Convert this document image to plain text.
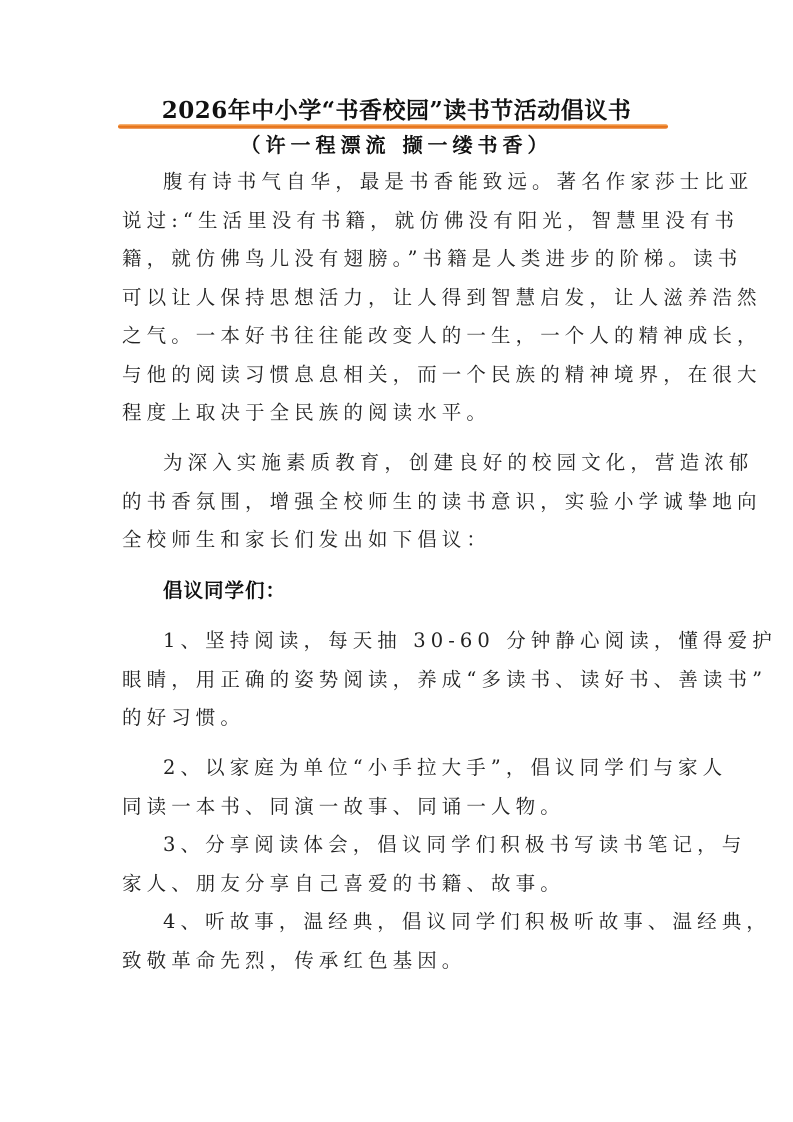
2026年中小学“书香校园”读书节活动倡议书
（许一程漂流 撷一缕书香）
腹有诗书气自华，最是书香能致远。著名作家莎士比亚
说过:“生活里没有书籍，就仿佛没有阳光，智慧里没有书
籍，就仿佛鸟儿没有翅膀。”书籍是人类进步的阶梯。读书
可以让人保持思想活力，让人得到智慧启发，让人滋养浩然
之气。一本好书往往能改变人的一生，一个人的精神成长，
与他的阅读习惯息息相关，而一个民族的精神境界，在很大
程度上取决于全民族的阅读水平。
为深入实施素质教育，创建良好的校园文化，营造浓郁
的书香氛围，增强全校师生的读书意识，实验小学诚挚地向
全校师生和家长们发出如下倡议：
倡议同学们：
1、坚持阅读，每天抽 30-60 分钟静心阅读，懂得爱护
眼睛，用正确的姿势阅读，养成“多读书、读好书、善读书”
的好习惯。
2、以家庭为单位“小手拉大手”，倡议同学们与家人
同读一本书、同演一故事、同诵一人物。
3、分享阅读体会，倡议同学们积极书写读书笔记，与
家人、朋友分享自己喜爱的书籍、故事。
4、听故事，温经典，倡议同学们积极听故事、温经典，
致敬革命先烈，传承红色基因。
